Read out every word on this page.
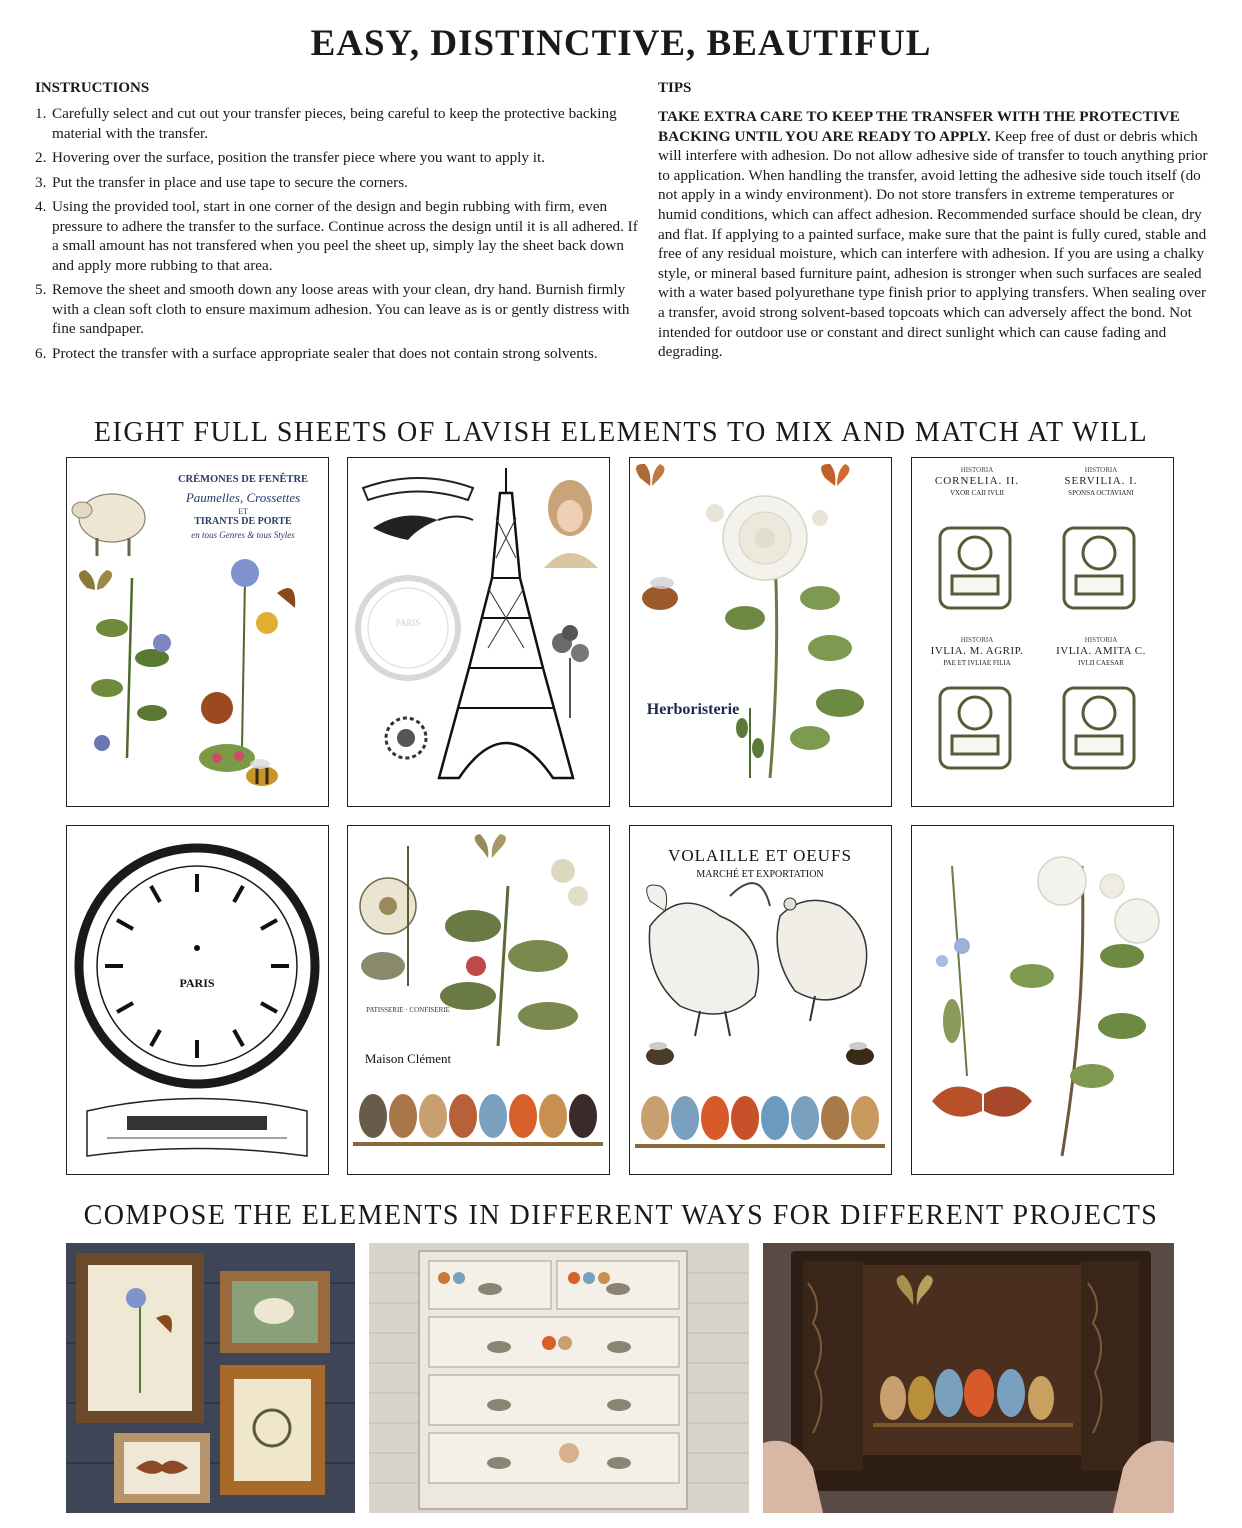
EASY, DISTINCTIVE, BEAUTIFUL
INSTRUCTIONS
1. Carefully select and cut out your transfer pieces, being careful to keep the protective backing material with the transfer.
2. Hovering over the surface, position the transfer piece where you want to apply it.
3. Put the transfer in place and use tape to secure the corners.
4. Using the provided tool, start in one corner of the design and begin rubbing with firm, even pressure to adhere the transfer to the surface. Continue across the design until it is all adhered. If a small amount has not transfered when you peel the sheet up, simply lay the sheet back down and apply more rubbing to that area.
5. Remove the sheet and smooth down any loose areas with your clean, dry hand. Burnish firmly with a clean soft cloth to ensure maximum adhesion. You can leave as is or gently distress with fine sandpaper.
6. Protect the transfer with a surface appropriate sealer that does not contain strong solvents.
TIPS
TAKE EXTRA CARE TO KEEP THE TRANSFER WITH THE PROTECTIVE BACKING UNTIL YOU ARE READY TO APPLY. Keep free of dust or debris which will interfere with adhesion. Do not allow adhesive side of transfer to touch anything prior to application. When handling the transfer, avoid letting the adhesive side touch itself (do not apply in a windy environment). Do not store transfers in extreme temperatures or humid conditions, which can affect adhesion. Recommended surface should be clean, dry and flat. If applying to a painted surface, make sure that the paint is fully cured, stable and free of any residual moisture, which can interfere with adhesion. If you are using a chalky style, or mineral based furniture paint, adhesion is stronger when such surfaces are sealed with a water based polyurethane type finish prior to applying transfers. When sealing over a transfer, avoid strong solvent-based topcoats which can adversely affect the bond. Not intended for outdoor use or constant and direct sunlight which can cause fading and degrading.
EIGHT FULL SHEETS OF LAVISH ELEMENTS TO MIX AND MATCH AT WILL
CRÉMONES DE FENÊTRE
Paumelles, Crossettes
ET
TIRANTS DE PORTE
en tous Genres & tous Styles
PARIS
Herboristerie
HISTORIA
CORNELIA. II.
VXOR CAII IVLII
HISTORIA
SERVILIA. I.
SPONSA OCTAVIANI
HISTORIA
IVLIA. M. AGRIP.
PAE ET IVLIAE FILIA
HISTORIA
IVLIA. AMITA C.
IVLII CAESAR
PARIS
PATISSERIE · CONFISERIE
Maison Clément
VOLAILLE ET OEUFS
MARCHÉ ET EXPORTATION
COMPOSE THE ELEMENTS IN DIFFERENT WAYS FOR DIFFERENT PROJECTS
